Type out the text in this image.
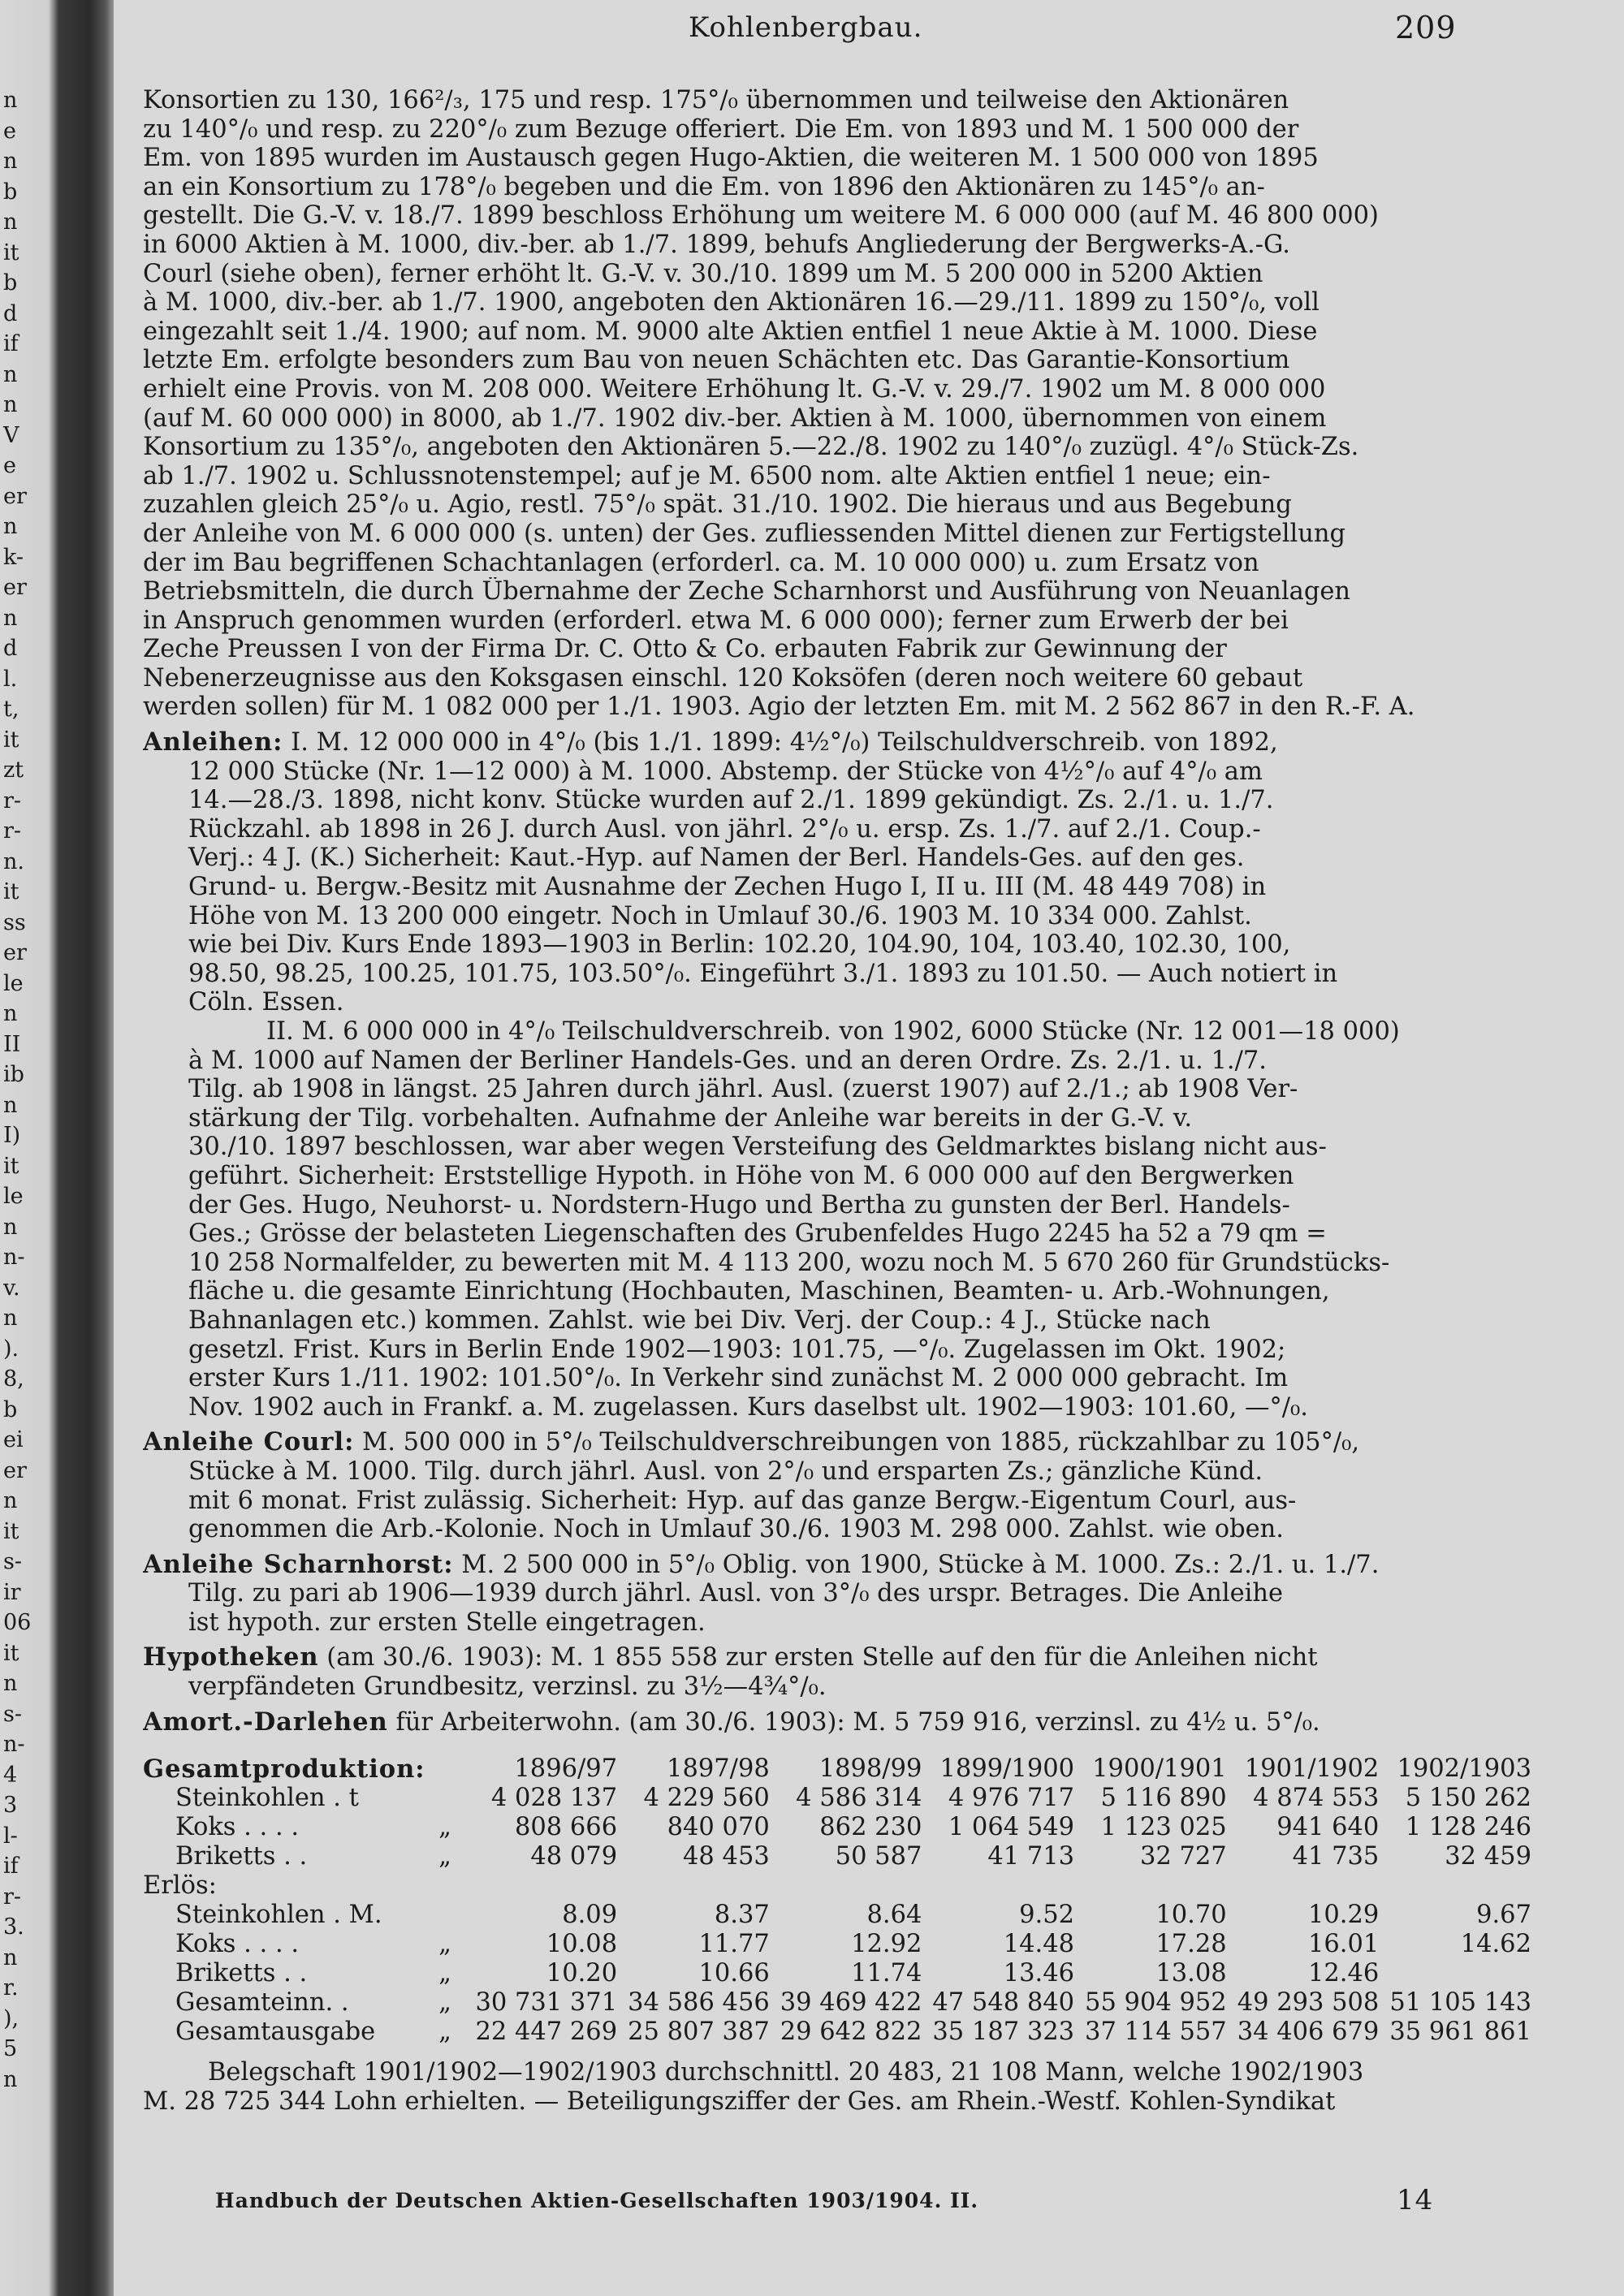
n
e
n
b
n
it
b
d
if
n
n
V
e
er
n
k-
er
n
d
l.
t,
it
zt
r-
r-
n.
it
ss
er
le
n
II
ib
n
I)
it
le
n
n-
v.
n
).
8,
b
ei
er
n
it
s-
ir
06
it
n
s-
n-
4
3
l-
if
r-
3.
n
r.
),
5
n
Kohlenbergbau.	209
Konsortien zu 130, 166²/₃, 175 und resp. 175°/₀ übernommen und teilweise den Aktionären
zu 140°/₀ und resp. zu 220°/₀ zum Bezuge offeriert. Die Em. von 1893 und M. 1 500 000 der
Em. von 1895 wurden im Austausch gegen Hugo-Aktien, die weiteren M. 1 500 000 von 1895
an ein Konsortium zu 178°/₀ begeben und die Em. von 1896 den Aktionären zu 145°/₀ an-
gestellt. Die G.-V. v. 18./7. 1899 beschloss Erhöhung um weitere M. 6 000 000 (auf M. 46 800 000)
in 6000 Aktien à M. 1000, div.-ber. ab 1./7. 1899, behufs Angliederung der Bergwerks-A.-G.
Courl (siehe oben), ferner erhöht lt. G.-V. v. 30./10. 1899 um M. 5 200 000 in 5200 Aktien
à M. 1000, div.-ber. ab 1./7. 1900, angeboten den Aktionären 16.—29./11. 1899 zu 150°/₀, voll
eingezahlt seit 1./4. 1900; auf nom. M. 9000 alte Aktien entfiel 1 neue Aktie à M. 1000. Diese
letzte Em. erfolgte besonders zum Bau von neuen Schächten etc. Das Garantie-Konsortium
erhielt eine Provis. von M. 208 000. Weitere Erhöhung lt. G.-V. v. 29./7. 1902 um M. 8 000 000
(auf M. 60 000 000) in 8000, ab 1./7. 1902 div.-ber. Aktien à M. 1000, übernommen von einem
Konsortium zu 135°/₀, angeboten den Aktionären 5.—22./8. 1902 zu 140°/₀ zuzügl. 4°/₀ Stück-Zs.
ab 1./7. 1902 u. Schlussnotenstempel; auf je M. 6500 nom. alte Aktien entfiel 1 neue; ein-
zuzahlen gleich 25°/₀ u. Agio, restl. 75°/₀ spät. 31./10. 1902. Die hieraus und aus Begebung
der Anleihe von M. 6 000 000 (s. unten) der Ges. zufliessenden Mittel dienen zur Fertigstellung
der im Bau begriffenen Schachtanlagen (erforderl. ca. M. 10 000 000) u. zum Ersatz von
Betriebsmitteln, die durch Übernahme der Zeche Scharnhorst und Ausführung von Neuanlagen
in Anspruch genommen wurden (erforderl. etwa M. 6 000 000); ferner zum Erwerb der bei
Zeche Preussen I von der Firma Dr. C. Otto & Co. erbauten Fabrik zur Gewinnung der
Nebenerzeugnisse aus den Koksgasen einschl. 120 Koksöfen (deren noch weitere 60 gebaut
werden sollen) für M. 1 082 000 per 1./1. 1903. Agio der letzten Em. mit M. 2 562 867 in den R.-F. A.
Anleihen: I. M. 12 000 000 in 4°/₀ (bis 1./1. 1899: 4½°/₀) Teilschuldverschreib. von 1892,
12 000 Stücke (Nr. 1—12 000) à M. 1000. Abstemp. der Stücke von 4½°/₀ auf 4°/₀ am
14.—28./3. 1898, nicht konv. Stücke wurden auf 2./1. 1899 gekündigt. Zs. 2./1. u. 1./7.
Rückzahl. ab 1898 in 26 J. durch Ausl. von jährl. 2°/₀ u. ersp. Zs. 1./7. auf 2./1. Coup.-
Verj.: 4 J. (K.) Sicherheit: Kaut.-Hyp. auf Namen der Berl. Handels-Ges. auf den ges.
Grund- u. Bergw.-Besitz mit Ausnahme der Zechen Hugo I, II u. III (M. 48 449 708) in
Höhe von M. 13 200 000 eingetr. Noch in Umlauf 30./6. 1903 M. 10 334 000. Zahlst.
wie bei Div. Kurs Ende 1893—1903 in Berlin: 102.20, 104.90, 104, 103.40, 102.30, 100,
98.50, 98.25, 100.25, 101.75, 103.50°/₀. Eingeführt 3./1. 1893 zu 101.50. — Auch notiert in
Cöln. Essen.
II. M. 6 000 000 in 4°/₀ Teilschuldverschreib. von 1902, 6000 Stücke (Nr. 12 001—18 000)
à M. 1000 auf Namen der Berliner Handels-Ges. und an deren Ordre. Zs. 2./1. u. 1./7.
Tilg. ab 1908 in längst. 25 Jahren durch jährl. Ausl. (zuerst 1907) auf 2./1.; ab 1908 Ver-
stärkung der Tilg. vorbehalten. Aufnahme der Anleihe war bereits in der G.-V. v.
30./10. 1897 beschlossen, war aber wegen Versteifung des Geldmarktes bislang nicht aus-
geführt. Sicherheit: Erststellige Hypoth. in Höhe von M. 6 000 000 auf den Bergwerken
der Ges. Hugo, Neuhorst- u. Nordstern-Hugo und Bertha zu gunsten der Berl. Handels-
Ges.; Grösse der belasteten Liegenschaften des Grubenfeldes Hugo 2245 ha 52 a 79 qm =
10 258 Normalfelder, zu bewerten mit M. 4 113 200, wozu noch M. 5 670 260 für Grundstücks-
fläche u. die gesamte Einrichtung (Hochbauten, Maschinen, Beamten- u. Arb.-Wohnungen,
Bahnanlagen etc.) kommen. Zahlst. wie bei Div. Verj. der Coup.: 4 J., Stücke nach
gesetzl. Frist. Kurs in Berlin Ende 1902—1903: 101.75, —°/₀. Zugelassen im Okt. 1902;
erster Kurs 1./11. 1902: 101.50°/₀. In Verkehr sind zunächst M. 2 000 000 gebracht. Im
Nov. 1902 auch in Frankf. a. M. zugelassen. Kurs daselbst ult. 1902—1903: 101.60, —°/₀.
Anleihe Courl: M. 500 000 in 5°/₀ Teilschuldverschreibungen von 1885, rückzahlbar zu 105°/₀,
Stücke à M. 1000. Tilg. durch jährl. Ausl. von 2°/₀ und ersparten Zs.; gänzliche Künd.
mit 6 monat. Frist zulässig. Sicherheit: Hyp. auf das ganze Bergw.-Eigentum Courl, aus-
genommen die Arb.-Kolonie. Noch in Umlauf 30./6. 1903 M. 298 000. Zahlst. wie oben.
Anleihe Scharnhorst: M. 2 500 000 in 5°/₀ Oblig. von 1900, Stücke à M. 1000. Zs.: 2./1. u. 1./7.
Tilg. zu pari ab 1906—1939 durch jährl. Ausl. von 3°/₀ des urspr. Betrages. Die Anleihe
ist hypoth. zur ersten Stelle eingetragen.
Hypotheken (am 30./6. 1903): M. 1 855 558 zur ersten Stelle auf den für die Anleihen nicht
verpfändeten Grundbesitz, verzinsl. zu 3½—4¾°/₀.
Amort.-Darlehen für Arbeiterwohn. (am 30./6. 1903): M. 5 759 916, verzinsl. zu 4½ u. 5°/₀.
Gesamtproduktion:		1896/97	1897/98	1898/99	1899/1900	1900/1901	1901/1902	1902/1903
Steinkohlen . t		4 028 137	4 229 560	4 586 314	4 976 717	5 116 890	4 874 553	5 150 262
Koks . . . .	„	808 666	840 070	862 230	1 064 549	1 123 025	941 640	1 128 246
Briketts . .	„	48 079	48 453	50 587	41 713	32 727	41 735	32 459
Erlös:								
Steinkohlen . M.		8.09	8.37	8.64	9.52	10.70	10.29	9.67
Koks . . . .	„	10.08	11.77	12.92	14.48	17.28	16.01	14.62
Briketts . .	„	10.20	10.66	11.74	13.46	13.08	12.46	
Gesamteinn. .	„	30 731 371	34 586 456	39 469 422	47 548 840	55 904 952	49 293 508	51 105 143
Gesamtausgabe	„	22 447 269	25 807 387	29 642 822	35 187 323	37 114 557	34 406 679	35 961 861
Belegschaft 1901/1902—1902/1903 durchschnittl. 20 483, 21 108 Mann, welche 1902/1903
M. 28 725 344 Lohn erhielten. — Beteiligungsziffer der Ges. am Rhein.-Westf. Kohlen-Syndikat
Handbuch der Deutschen Aktien-Gesellschaften 1903/1904. II.	14
